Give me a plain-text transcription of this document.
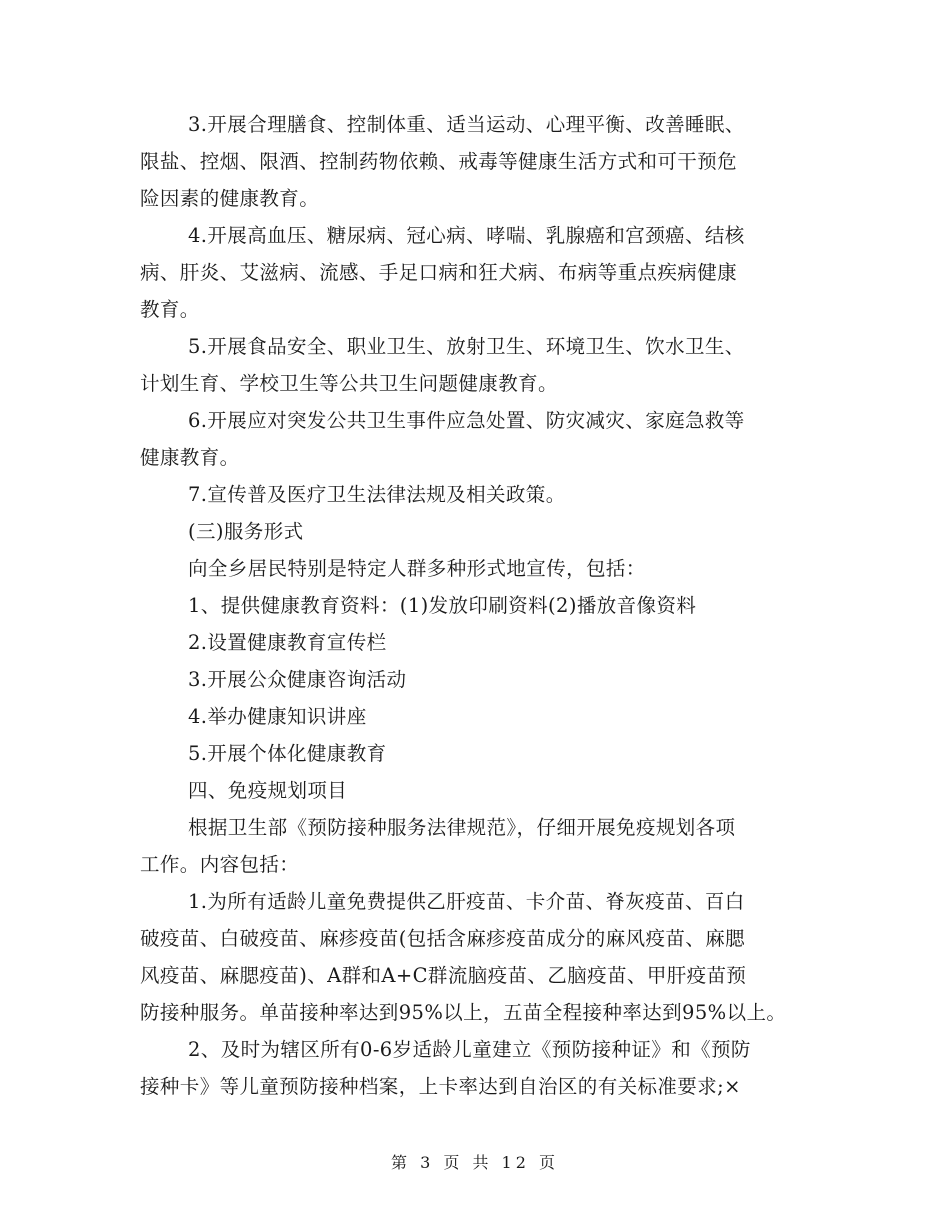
3.开展合理膳食、控制体重、适当运动、心理平衡、改善睡眠、
限盐、控烟、限酒、控制药物依赖、戒毒等健康生活方式和可干预危
险因素的健康教育。
4.开展高血压、糖尿病、冠心病、哮喘、乳腺癌和宫颈癌、结核
病、肝炎、艾滋病、流感、手足口病和狂犬病、布病等重点疾病健康
教育。
5.开展食品安全、职业卫生、放射卫生、环境卫生、饮水卫生、
计划生育、学校卫生等公共卫生问题健康教育。
6.开展应对突发公共卫生事件应急处置、防灾减灾、家庭急救等
健康教育。
7.宣传普及医疗卫生法律法规及相关政策。
(三)服务形式
向全乡居民特别是特定人群多种形式地宣传，包括：
1、提供健康教育资料：(1)发放印刷资料(2)播放音像资料
2.设置健康教育宣传栏
3.开展公众健康咨询活动
4.举办健康知识讲座
5.开展个体化健康教育
四、免疫规划项目
根据卫生部《预防接种服务法律规范》，仔细开展免疫规划各项
工作。内容包括：
1.为所有适龄儿童免费提供乙肝疫苗、卡介苗、脊灰疫苗、百白
破疫苗、白破疫苗、麻疹疫苗(包括含麻疹疫苗成分的麻风疫苗、麻腮
风疫苗、麻腮疫苗)、A群和A+C群流脑疫苗、乙脑疫苗、甲肝疫苗预
防接种服务。单苗接种率达到95%以上，五苗全程接种率达到95%以上。
2、及时为辖区所有0-6岁适龄儿童建立《预防接种证》和《预防
接种卡》等儿童预防接种档案，上卡率达到自治区的有关标准要求;×
第 3 页 共 12 页
